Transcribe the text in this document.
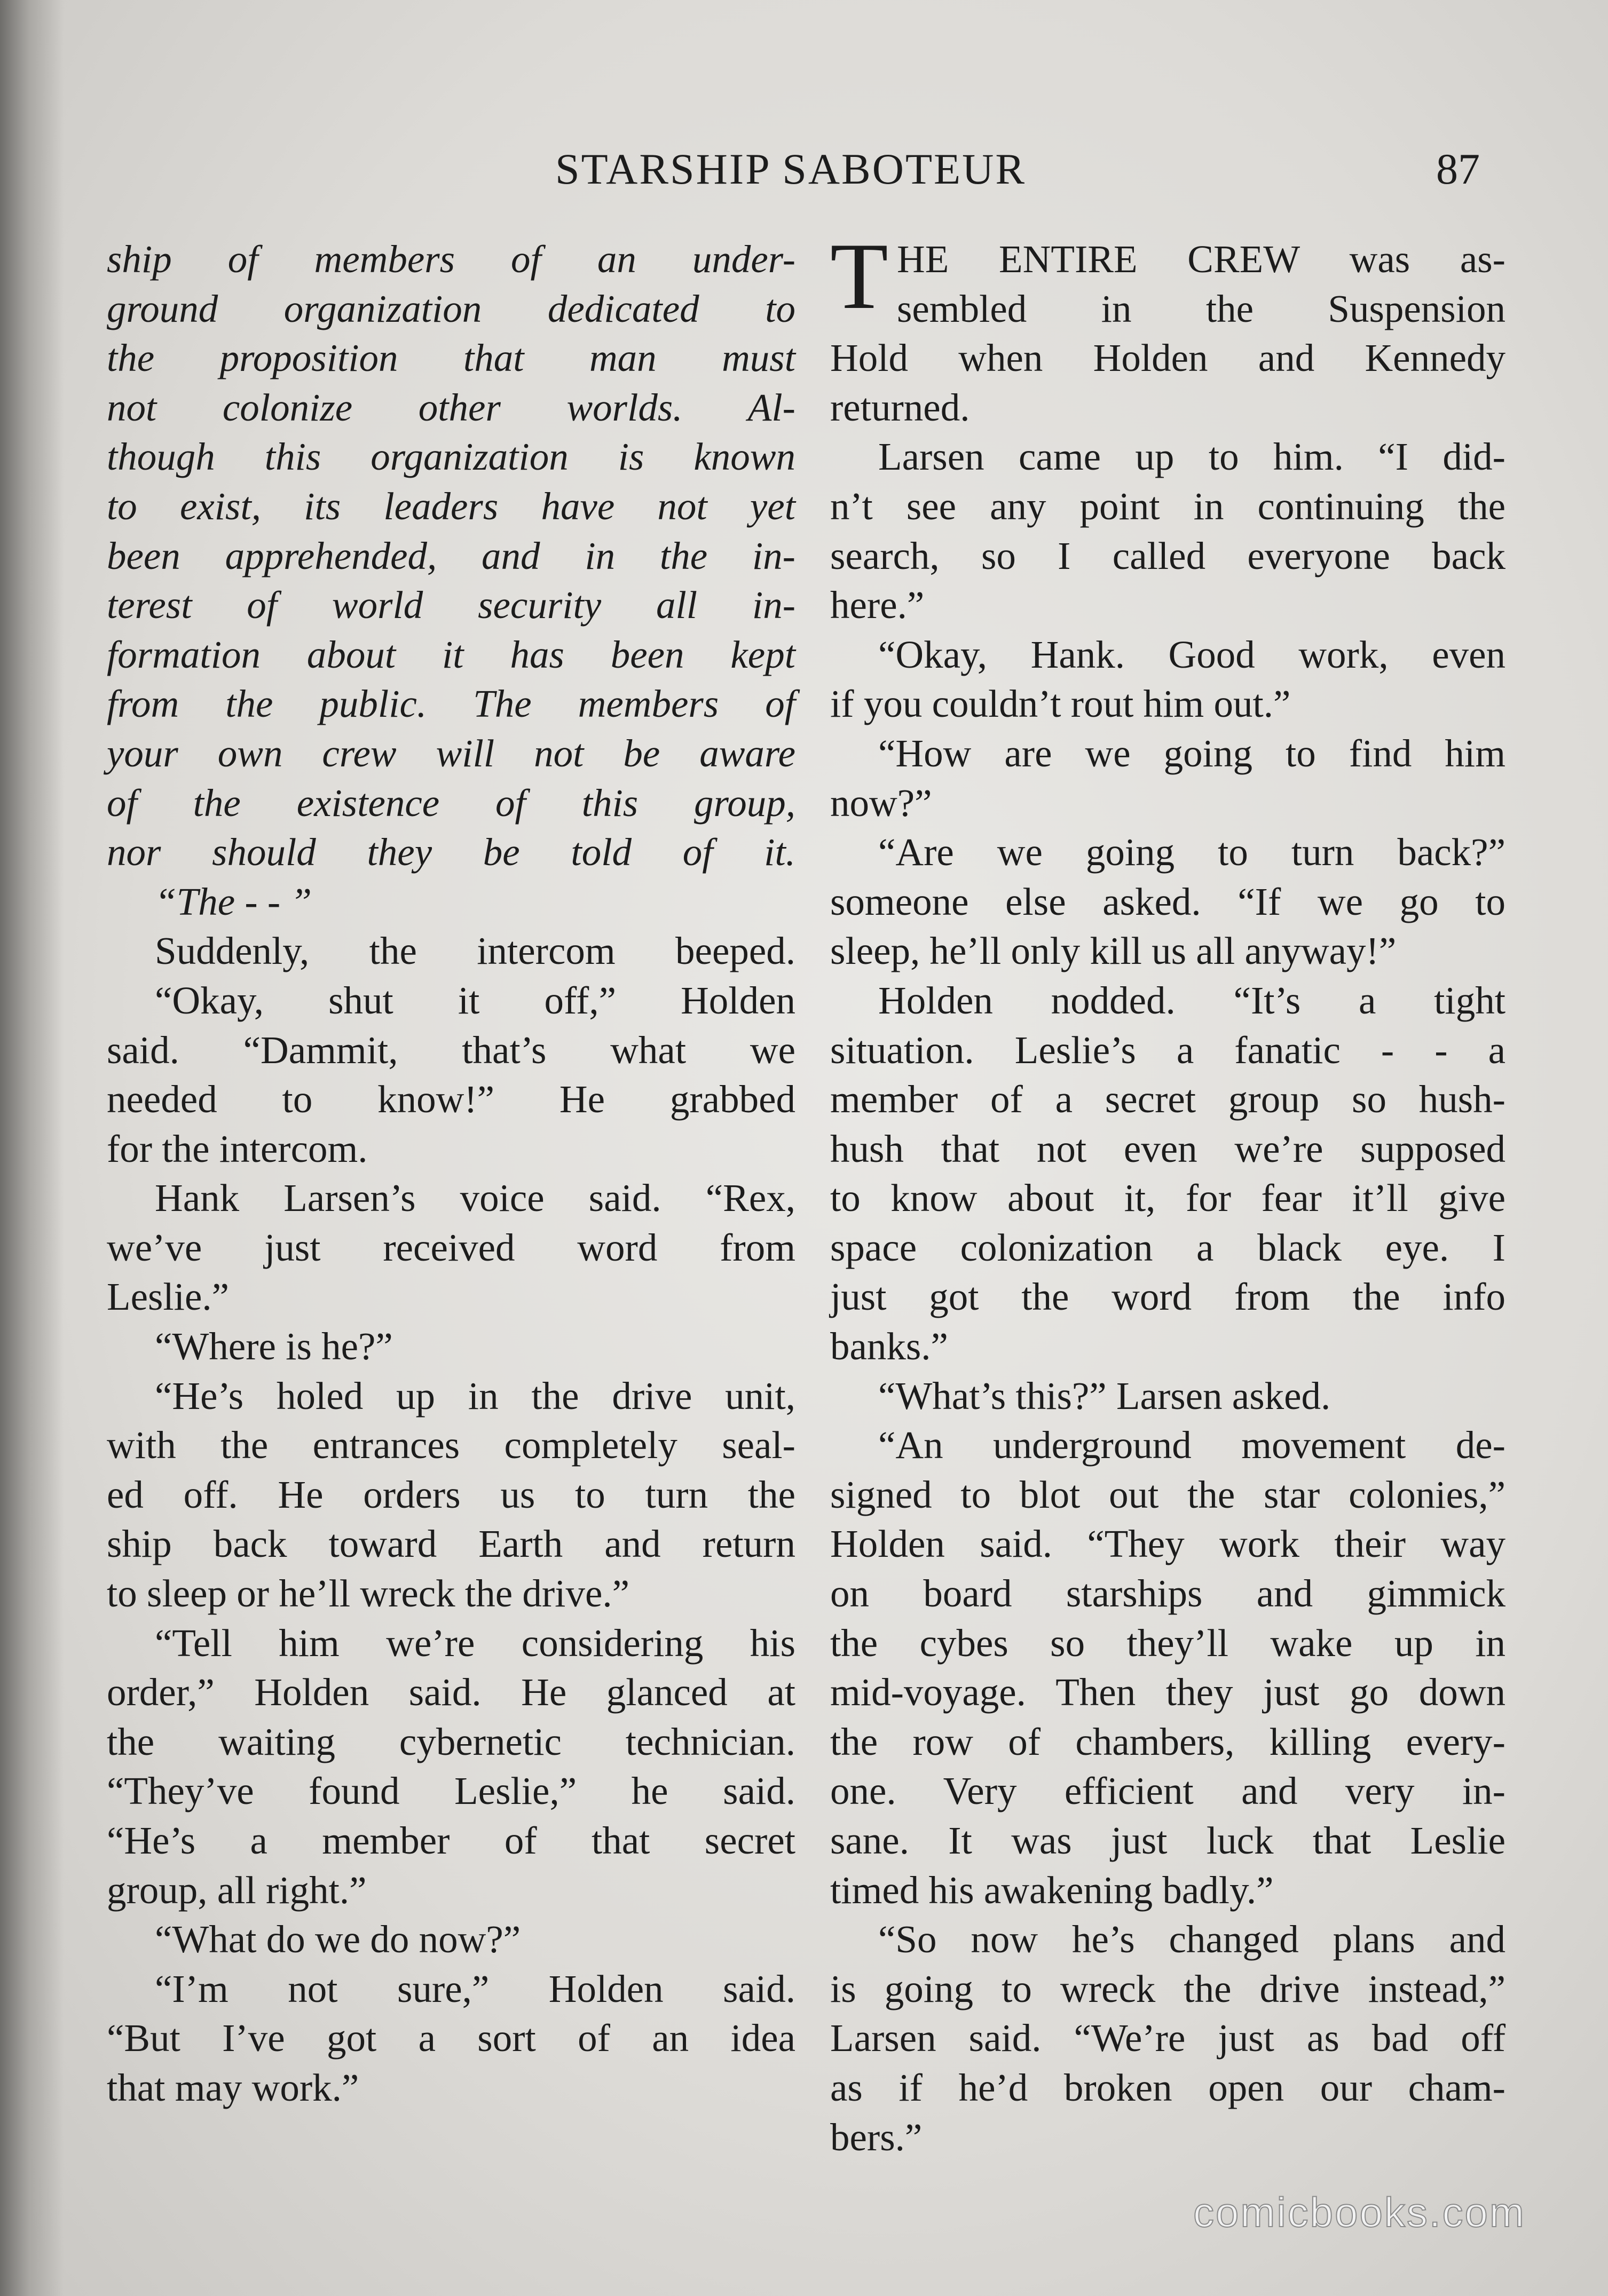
STARSHIP SABOTEUR	87
ship of members of an under-
ground organization dedicated to
the proposition that man must
not colonize other worlds. Al-
though this organization is known
to exist, its leaders have not yet
been apprehended, and in the in-
terest of world security all in-
formation about it has been kept
from the public. The members of
your own crew will not be aware
of the existence of this group,
nor should they be told of it.
“The - - ”
Suddenly, the intercom beeped.
“Okay, shut it off,” Holden
said. “Dammit, that’s what we
needed to know!” He grabbed
for the intercom.
Hank Larsen’s voice said. “Rex,
we’ve just received word from
Leslie.”
“Where is he?”
“He’s holed up in the drive unit,
with the entrances completely seal-
ed off. He orders us to turn the
ship back toward Earth and return
to sleep or he’ll wreck the drive.”
“Tell him we’re considering his
order,” Holden said. He glanced at
the waiting cybernetic technician.
“They’ve found Leslie,” he said.
“He’s a member of that secret
group, all right.”
“What do we do now?”
“I’m not sure,” Holden said.
“But I’ve got a sort of an idea
that may work.”
T HE ENTIRE CREW was as-
sembled in the Suspension
Hold when Holden and Kennedy
returned.
Larsen came up to him. “I did-
n’t see any point in continuing the
search, so I called everyone back
here.”
“Okay, Hank. Good work, even
if you couldn’t rout him out.”
“How are we going to find him
now?”
“Are we going to turn back?”
someone else asked. “If we go to
sleep, he’ll only kill us all anyway!”
Holden nodded. “It’s a tight
situation. Leslie’s a fanatic - - a
member of a secret group so hush-
hush that not even we’re supposed
to know about it, for fear it’ll give
space colonization a black eye. I
just got the word from the info
banks.”
“What’s this?” Larsen asked.
“An underground movement de-
signed to blot out the star colonies,”
Holden said. “They work their way
on board starships and gimmick
the cybes so they’ll wake up in
mid-voyage. Then they just go down
the row of chambers, killing every-
one. Very efficient and very in-
sane. It was just luck that Leslie
timed his awakening badly.”
“So now he’s changed plans and
is going to wreck the drive instead,”
Larsen said. “We’re just as bad off
as if he’d broken open our cham-
bers.”
comicbooks.com
